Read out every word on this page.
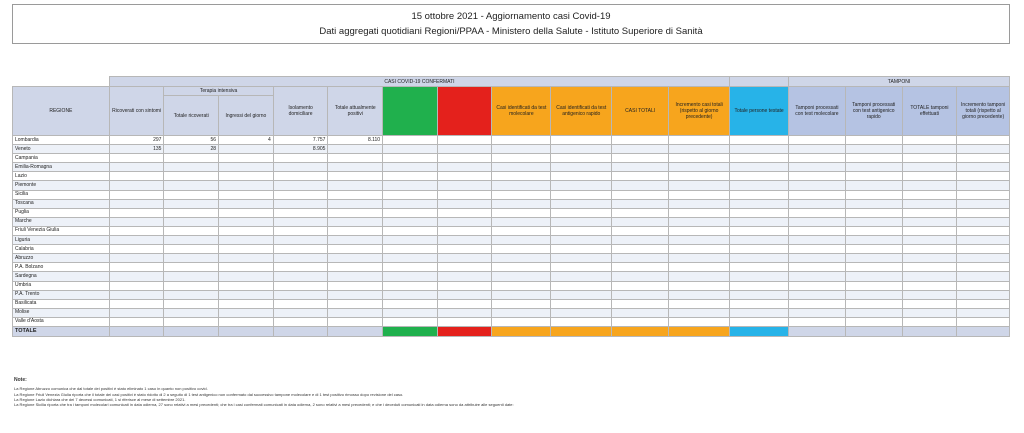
15 ottobre 2021 - Aggiornamento casi Covid-19
Dati aggregati quotidiani Regioni/PPAA - Ministero della Salute - Istituto Superiore di Sanità
	CASI COVID-19 CONFERMATI												TAMPONI			
REGIONE	Ricoverati con sintomi	Terapia intensiva		Isolamento domiciliare	Totale attualmente positivi			Casi identificati da test molecolare	Casi identificati da test antigenico rapido	CASI TOTALI	Incremento casi totali (rispetto al giorno precedente)	Totale persone testate	Tamponi processati con test molecolare	Tamponi processati con test antigenico rapido	TOTALE tamponi effettuati	Incremento tamponi totali (rispetto al giorno precedente)
		Totale ricoverati	Ingressi del giorno													
Lombardia	297	56	4	7.757	8.110											
Veneto	135	28		8.905												
Campania																
Emilia-Romagna																
Lazio																
Piemonte																
Sicilia																
Toscana																
Puglia																
Marche																
Friuli Venezia Giulia																
Liguria																
Calabria																
Abruzzo																
P.A. Bolzano																
Sardegna																
Umbria																
P.A. Trento																
Basilicata																
Molise																
Valle d'Aosta																
TOTALE																
Note:
La Regione Abruzzo comunica che dal totale dei positivi è stato eliminato 1 caso in quanto non positivo covid.
La Regione Friuli Venezia Giulia riporta che il totale dei casi positivi è stato ridotto di 2 a seguito di 1 test antigenico non confermato dal successivo tampone molecolare e di 1 test positivo rimosso dopo revisione del caso.
La Regione Lazio dichiara che dei 7 decessi comunicati, 1 si riferisce al mese di settembre 2021.
La Regione Sicilia riporta che tra i tamponi molecolari comunicati in data odierna, 27 sono relativi a mesi precedenti; che tra i casi confermati comunicati in data odierna, 2 sono relativi a mesi precedenti; e che i deceduti comunicati in data odierna sono da attribuire alle seguenti date:
